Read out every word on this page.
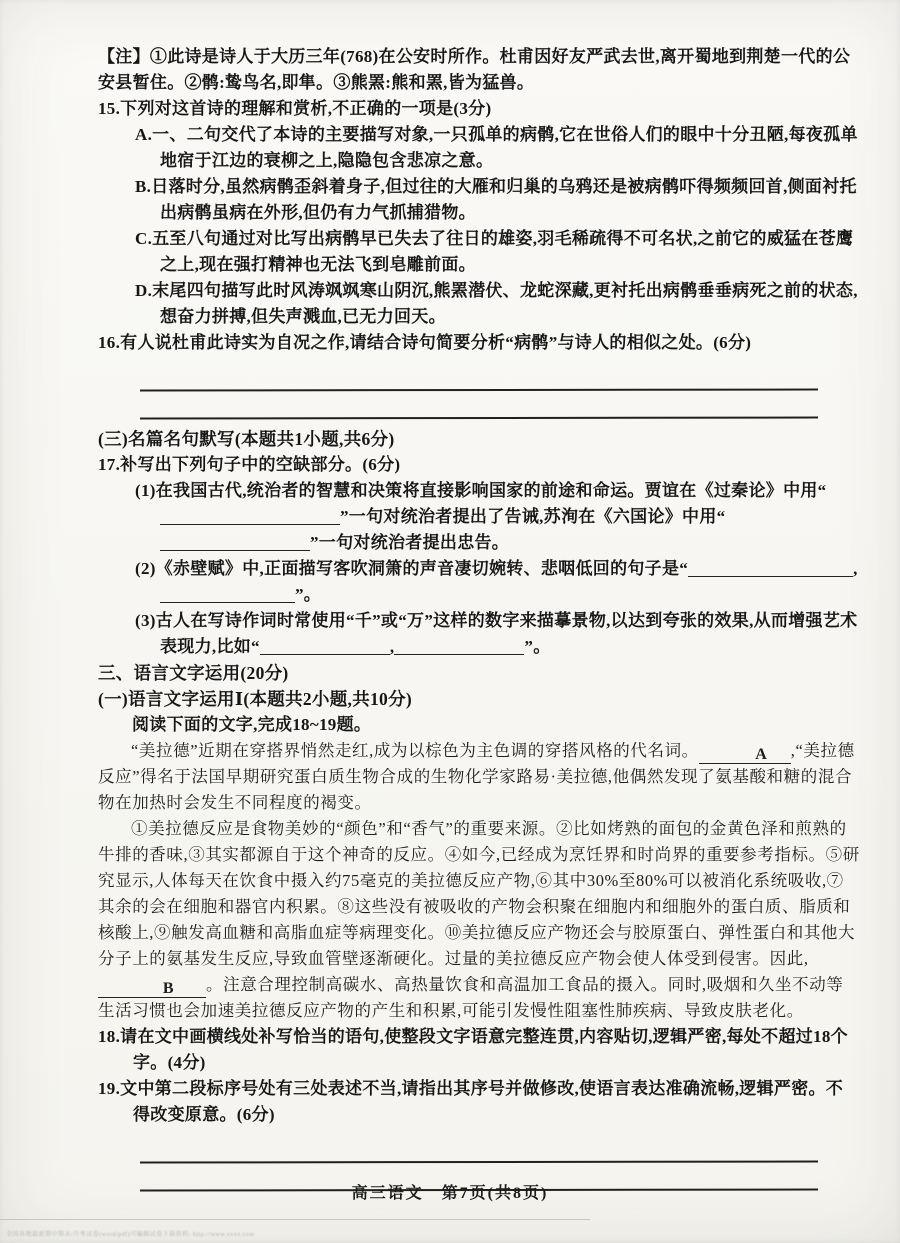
【注】①此诗是诗人于大历三年(768)在公安时所作。杜甫因好友严武去世,离开蜀地到荆楚一代的公安县暂住。②鹘:鸷鸟名,即隼。③熊罴:熊和罴,皆为猛兽。
15.下列对这首诗的理解和赏析,不正确的一项是(3分)
A.一、二句交代了本诗的主要描写对象,一只孤单的病鹘,它在世俗人们的眼中十分丑陋,每夜孤单地宿于江边的衰柳之上,隐隐包含悲凉之意。
B.日落时分,虽然病鹘歪斜着身子,但过往的大雁和归巢的乌鸦还是被病鹘吓得频频回首,侧面衬托出病鹘虽病在外形,但仍有力气抓捕猎物。
C.五至八句通过对比写出病鹘早已失去了往日的雄姿,羽毛稀疏得不可名状,之前它的威猛在苍鹰之上,现在强打精神也无法飞到皂雕前面。
D.末尾四句描写此时风涛飒飒寒山阴沉,熊罴潜伏、龙蛇深藏,更衬托出病鹘垂垂病死之前的状态,想奋力拼搏,但失声溅血,已无力回天。
16.有人说杜甫此诗实为自况之作,请结合诗句简要分析“病鹘”与诗人的相似之处。(6分)
(三)名篇名句默写(本题共1小题,共6分)
17.补写出下列句子中的空缺部分。(6分)
(1)在我国古代,统治者的智慧和决策将直接影响国家的前途和命运。贾谊在《过秦论》中用“”一句对统治者提出了告诫,苏洵在《六国论》中用“”一句对统治者提出忠告。
(2)《赤壁赋》中,正面描写客吹洞箫的声音凄切婉转、悲咽低回的句子是“	,”。
(3)古人在写诗作词时常使用“千”或“万”这样的数字来描摹景物,以达到夸张的效果,从而增强艺术表现力,比如“	,	”。
三、语言文字运用(20分)
(一)语言文字运用Ⅰ(本题共2小题,共10分)
阅读下面的文字,完成18~19题。
“美拉德”近期在穿搭界悄然走红,成为以棕色为主色调的穿搭风格的代名词。	A ,“美拉德反应”得名于法国早期研究蛋白质生物合成的生物化学家路易·美拉德,他偶然发现了氨基酸和糖的混合物在加热时会发生不同程度的褐变。
①美拉德反应是食物美妙的“颜色”和“香气”的重要来源。②比如烤熟的面包的金黄色泽和煎熟的牛排的香味,③其实都源自于这个神奇的反应。④如今,已经成为烹饪界和时尚界的重要参考指标。⑤研究显示,人体每天在饮食中摄入约75毫克的美拉德反应产物,⑥其中30%至80%可以被消化系统吸收,⑦其余的会在细胞和器官内积累。⑧这些没有被吸收的产物会积聚在细胞内和细胞外的蛋白质、脂质和核酸上,⑨触发高血糖和高脂血症等病理变化。⑩美拉德反应产物还会与胶原蛋白、弹性蛋白和其他大分子上的氨基发生反应,导致血管壁逐渐硬化。过量的美拉德反应产物会使人体受到侵害。因此,B 。注意合理控制高碳水、高热量饮食和高温加工食品的摄入。同时,吸烟和久坐不动等生活习惯也会加速美拉德反应产物的产生和积累,可能引发慢性阻塞性肺疾病、导致皮肤老化。
18.请在文中画横线处补写恰当的语句,使整段文字语意完整连贯,内容贴切,逻辑严密,每处不超过18个字。(4分)
19.文中第二段标序号处有三处表述不当,请指出其序号并做修改,使语言表达准确流畅,逻辑严密。不得改变原意。(6分)
高三语文　第7页(共8页)
全国各地最新期中期末/月考试卷(word/pdf)可编辑试卷下载资料: http://www.xxxx.com
